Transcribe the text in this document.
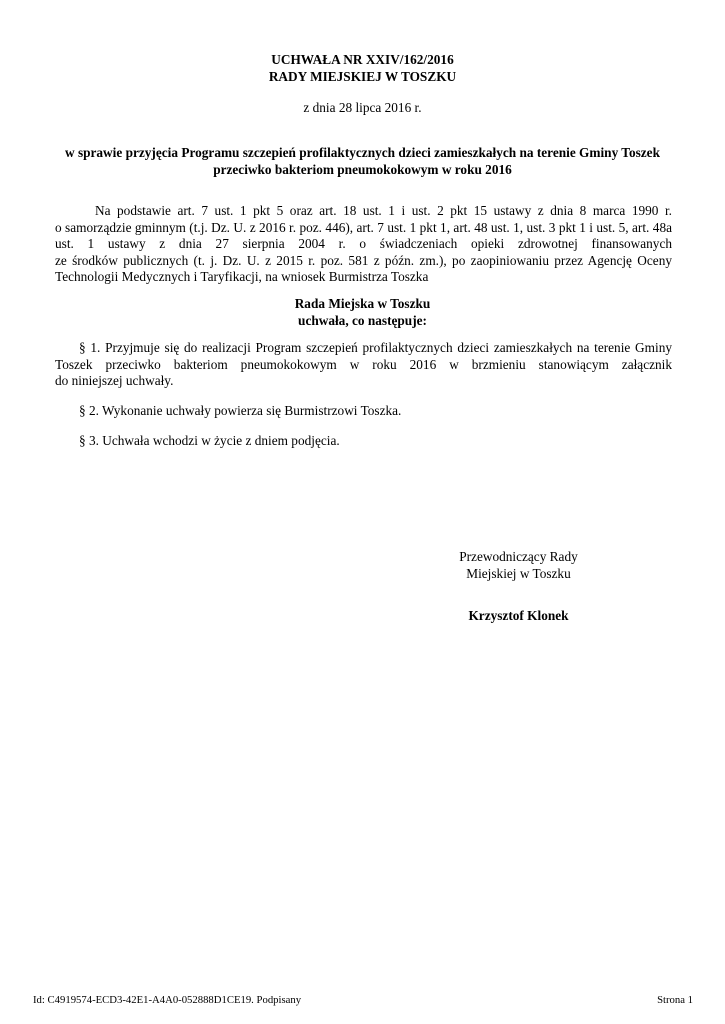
UCHWAŁA NR XXIV/162/2016
RADY MIEJSKIEJ W TOSZKU
z dnia 28 lipca 2016 r.
w sprawie przyjęcia Programu szczepień profilaktycznych dzieci zamieszkałych na terenie Gminy Toszek
przeciwko bakteriom pneumokokowym w roku 2016
Na podstawie art. 7 ust. 1 pkt 5 oraz art. 18 ust. 1 i ust. 2 pkt 15 ustawy z dnia 8 marca 1990 r.
o samorządzie gminnym (t.j. Dz. U. z 2016 r. poz. 446), art. 7 ust. 1 pkt 1, art. 48 ust. 1, ust. 3 pkt 1 i ust. 5, art. 48a
ust. 1 ustawy z dnia 27 sierpnia 2004 r. o świadczeniach opieki zdrowotnej finansowanych
ze środków publicznych (t. j. Dz. U. z 2015 r. poz. 581 z późn. zm.), po zaopiniowaniu przez Agencję Oceny
Technologii Medycznych i Taryfikacji, na wniosek Burmistrza Toszka
Rada Miejska w Toszku
uchwała, co następuje:
§ 1. Przyjmuje się do realizacji Program szczepień profilaktycznych dzieci zamieszkałych na terenie Gminy
Toszek przeciwko bakteriom pneumokokowym w roku 2016 w brzmieniu stanowiącym załącznik
do niniejszej uchwały.
§ 2. Wykonanie uchwały powierza się Burmistrzowi Toszka.
§ 3. Uchwała wchodzi w życie z dniem podjęcia.
Przewodniczący Rady
Miejskiej w Toszku
Krzysztof Klonek
Id: C4919574-ECD3-42E1-A4A0-052888D1CE19. Podpisany	Strona 1
